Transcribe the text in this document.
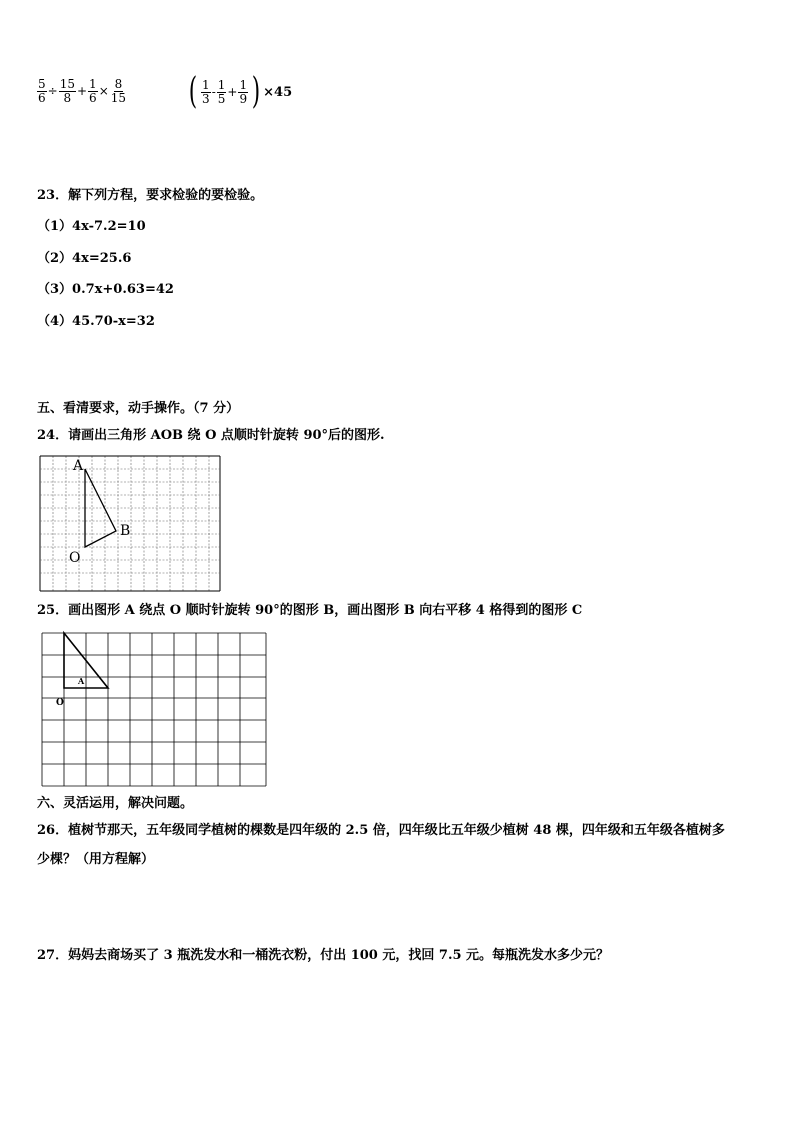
$\frac{5}{6} \div \frac{15}{8} + \frac{1}{6} \times \frac{8}{15}$ ( $\frac{1}{3} - \frac{1}{5} + \frac{1}{9}$ ) ×45
23．解下列方程，要求检验的要检验。
（1）4x-7.2=10
（2）4x=25.6
（3）0.7x+0.63=42
（4）45.70-x=32
五、看清要求，动手操作。（7 分）
24．请画出三角形 AOB 绕 O 点顺时针旋转 90°后的图形.
A
B
O
25．画出图形 A 绕点 O 顺时针旋转 90°的图形 B，画出图形 B 向右平移 4 格得到的图形 C
A
O
六、灵活运用，解决问题。
26．植树节那天，五年级同学植树的棵数是四年级的 2.5 倍，四年级比五年级少植树 48 棵，四年级和五年级各植树多
少棵？（用方程解）
27．妈妈去商场买了 3 瓶洗发水和一桶洗衣粉，付出 100 元，找回 7.5 元。每瓶洗发水多少元？
